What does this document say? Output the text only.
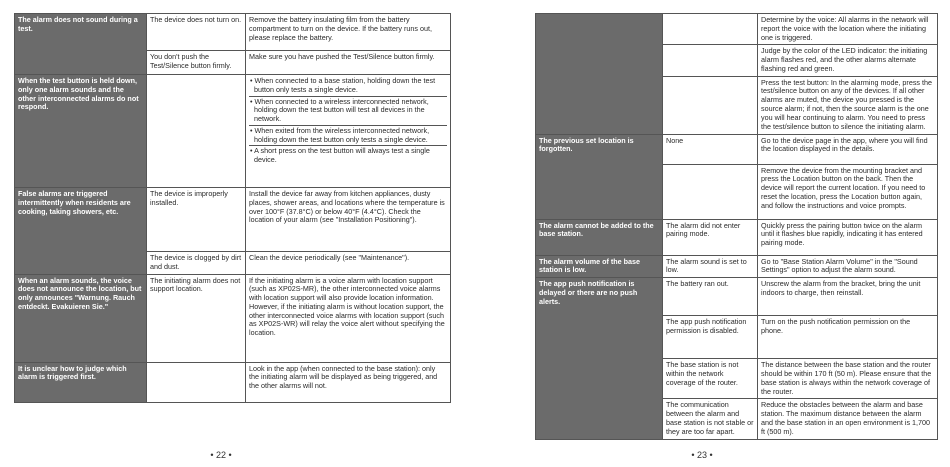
The alarm does not sound during a test.	The device does not turn on.	Remove the battery insulating film from the battery compartment to turn on the device. If the battery runs out, please replace the battery.

	You don't push the Test/Silence button firmly.	Make sure you have pushed the Test/Silence button firmly.

When the test button is held down, only one alarm sounds and the other interconnected alarms do not respond.		• When connected to a base station, holding down the test button only tests a single device.
• When connected to a wireless interconnected network, holding down the test button will test all devices in the network.
• When exited from the wireless interconnected network, holding down the test button only tests a single device.
• A short press on the test button will always test a single device.

False alarms are triggered intermittently when residents are cooking, taking showers, etc.	The device is improperly installed.	Install the device far away from kitchen appliances, dusty places, shower areas, and locations where the temperature is over 100°F (37.8°C) or below 40°F (4.4°C). Check the location of your alarm (see "Installation Positioning").

	The device is clogged by dirt and dust.	Clean the device periodically (see "Maintenance").

When an alarm sounds, the voice does not announce the location, but only announces "Warnung. Rauch entdeckt. Evakuieren Sie."	The initiating alarm does not support location.	If the initiating alarm is a voice alarm with location support (such as XP02S-MR), the other interconnected voice alarms with location support will also provide location information. However, if the initiating alarm is without location support, the other interconnected voice alarms with location support (such as XP02S-WR) will relay the voice alert without specifying the location.

It is unclear how to judge which alarm is triggered first.		Look in the app (when connected to the base station): only the initiating alarm will be displayed as being triggered, and the other alarms will not.
• 22 •

		Determine by the voice: All alarms in the network will report the voice with the location where the initiating one is triggered.

		Judge by the color of the LED indicator: the initiating alarm flashes red, and the other alarms alternate flashing red and green.

		Press the test button: In the alarming mode, press the test/silence button on any of the devices. If all other alarms are muted, the device you pressed is the source alarm; if not, then the source alarm is the one you will hear continuing to alarm. You need to press the test/silence button to silence the initiating alarm.

The previous set location is forgotten.	None	Go to the device page in the app, where you will find the location displayed in the details.

		Remove the device from the mounting bracket and press the Location button on the back. Then the device will report the current location. If you need to reset the location, press the Location button again, and follow the instructions and voice prompts.

The alarm cannot be added to the base station.	The alarm did not enter pairing mode.	Quickly press the pairing button twice on the alarm until it flashes blue rapidly, indicating it has entered pairing mode.

The alarm volume of the base station is low.	The alarm sound is set to low.	Go to "Base Station Alarm Volume" in the "Sound Settings" option to adjust the alarm sound.

The app push notification is delayed or there are no push alerts.	The battery ran out.	Unscrew the alarm from the bracket, bring the unit indoors to charge, then reinstall.

	The app push notification permission is disabled.	Turn on the push notification permission on the phone.

	The base station is not within the network coverage of the router.	The distance between the base station and the router should be within 170 ft (50 m). Please ensure that the base station is always within the network coverage of the router.

	The communication between the alarm and base station is not stable or they are too far apart.	Reduce the obstacles between the alarm and base station. The maximum distance between the alarm and the base station in an open environment is 1,700 ft (500 m).
• 23 •
